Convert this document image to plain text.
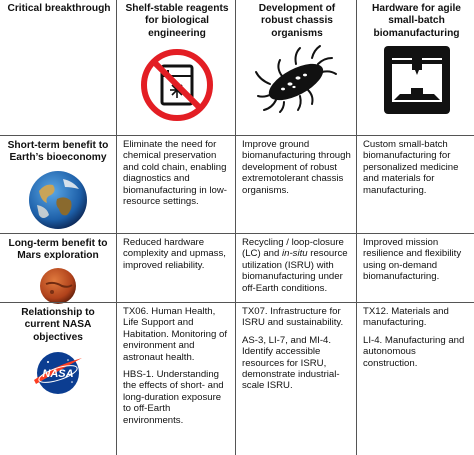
Critical breakthrough Shelf-stable reagents for biological engineering
Development of robust chassis organisms
Hardware for agile small-batch biomanufacturing
Short-term benefit to Earth’s bioeconomy

Eliminate the need for chemical preservation and cold chain, enabling diagnostics and biomanufacturing in low-resource settings.

Improve ground biomanufacturing through development of robust extremotolerant chassis organisms.

Custom small-batch biomanufacturing for personalized medicine and materials for manufacturing.

Long-term benefit to Mars exploration

Reduced hardware complexity and upmass, improved reliability.

Recycling / loop-closure (LC) and in-situ resource utilization (ISRU) with biomanufacturing under off-Earth conditions.

Improved mission resilience and flexibility using on-demand biomanufacturing.

Relationship to current NASA objectives
NASA

TX06. Human Health, Life Support and Habitation. Monitoring of environment and astronaut health.

HBS-1. Understanding the effects of short- and long-duration exposure to off-Earth environments.

TX07. Infrastructure for ISRU and sustainability.

AS-3, LI-7, and MI-4. Identify accessible resources for ISRU, demonstrate industrial-scale ISRU.

TX12. Materials and manufacturing.

LI-4. Manufacturing and autonomous construction.
